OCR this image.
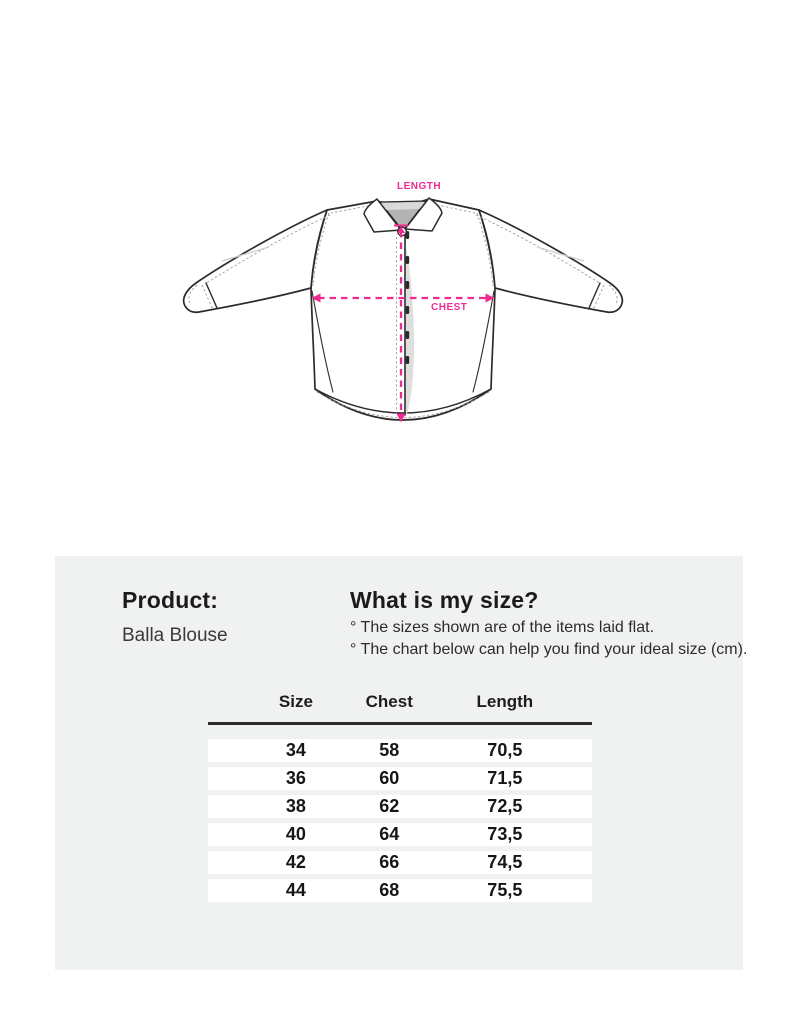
LENGTH
CHEST
Product:
Balla Blouse
What is my size?
° The sizes shown are of the items laid flat.
° The chart below can help you find your ideal size (cm).
Size	Chest	Length
34	58	70,5
36	60	71,5
38	62	72,5
40	64	73,5
42	66	74,5
44	68	75,5
